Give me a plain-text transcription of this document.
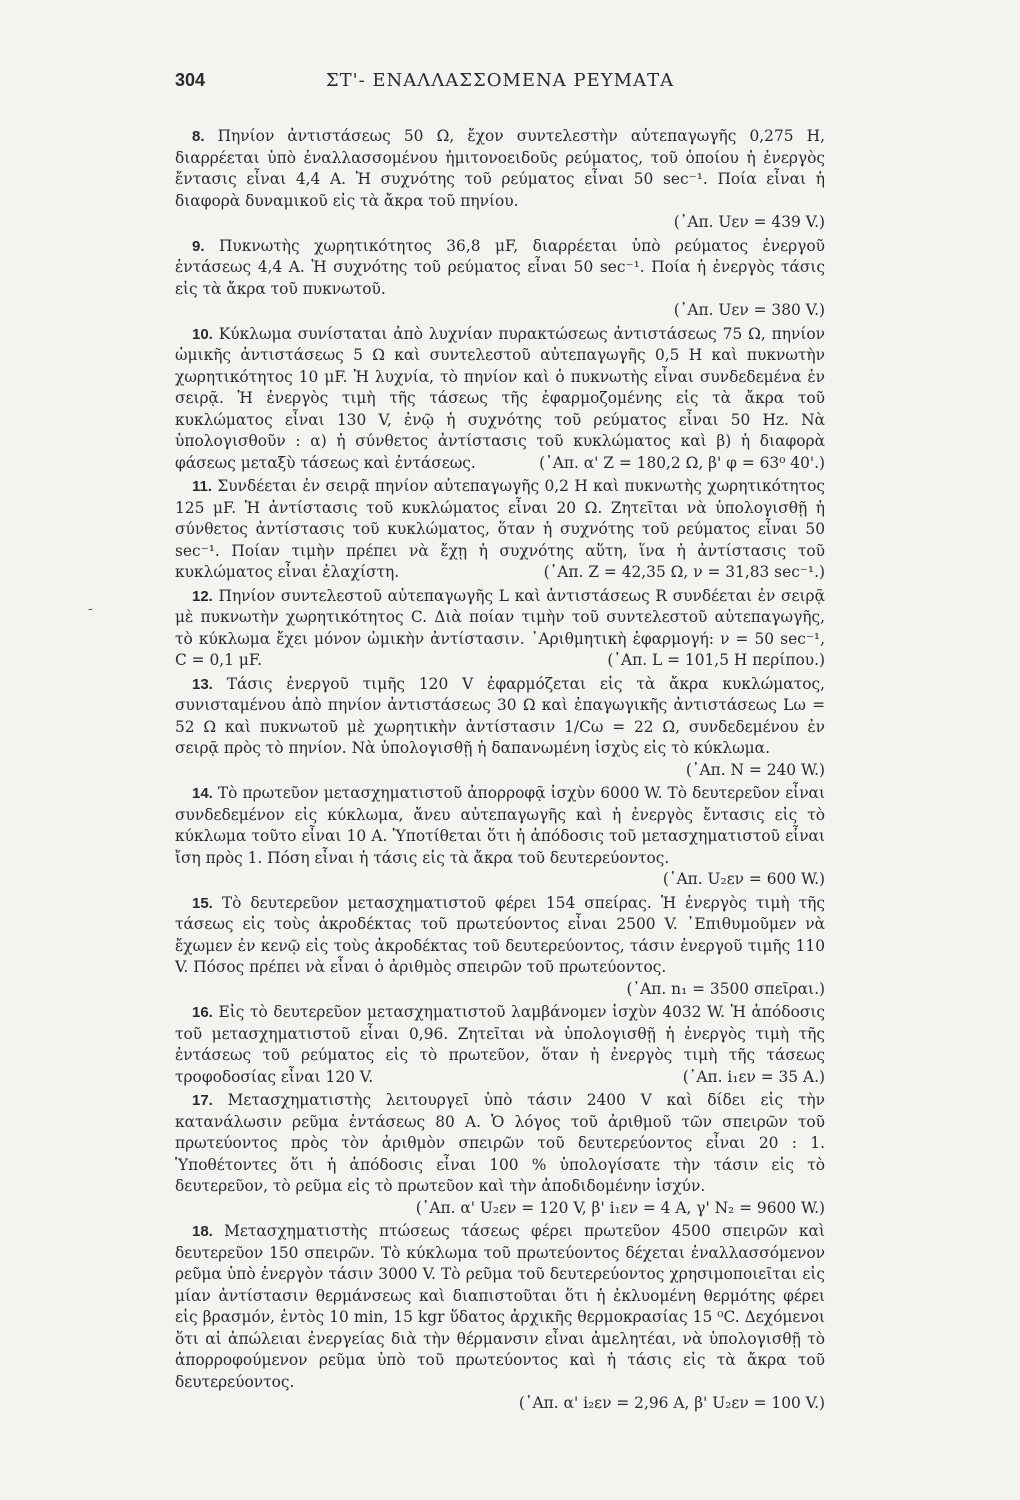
304	ΣΤ'- ΕΝΑΛΛΑΣΣΟΜΕΝΑ ΡΕΥΜΑΤΑ
-
8. Πηνίον ἀντιστάσεως 50 Ω, ἔχον συντελεστὴν αὐτεπαγωγῆς 0,275 Η, διαρρέεται ὑπὸ ἐναλλασσομένου ἡμιτονοειδοῦς ρεύματος, τοῦ ὁποίου ἡ ἐνεργὸς ἔντασις εἶναι 4,4 Α. Ἡ συχνότης τοῦ ρεύματος εἶναι 50 sec⁻¹. Ποία εἶναι ἡ διαφορὰ δυναμικοῦ εἰς τὰ ἄκρα τοῦ πηνίου.
(᾽Απ. Uεν = 439 V.)
9. Πυκνωτὴς χωρητικότητος 36,8 μF, διαρρέεται ὑπὸ ρεύματος ἐνεργοῦ ἐντάσεως 4,4 Α. Ἡ συχνότης τοῦ ρεύματος εἶναι 50 sec⁻¹. Ποία ἡ ἐνεργὸς τάσις εἰς τὰ ἄκρα τοῦ πυκνωτοῦ.
(᾽Απ. Uεν = 380 V.)
10. Κύκλωμα συνίσταται ἀπὸ λυχνίαν πυρακτώσεως ἀντιστάσεως 75 Ω, πηνίον ὠμικῆς ἀντιστάσεως 5 Ω καὶ συντελεστοῦ αὐτεπαγωγῆς 0,5 Η καὶ πυκνωτὴν χωρητικότητος 10 μF. Ἡ λυχνία, τὸ πηνίον καὶ ὁ πυκνωτὴς εἶναι συνδεδεμένα ἐν σειρᾷ. Ἡ ἐνεργὸς τιμὴ τῆς τάσεως τῆς ἐφαρμοζομένης εἰς τὰ ἄκρα τοῦ κυκλώματος εἶναι 130 V, ἐνῷ ἡ συχνότης τοῦ ρεύματος εἶναι 50 Hz. Νὰ ὑπολογισθοῦν : α) ἡ σύνθετος ἀντίστασις τοῦ κυκλώματος καὶ β) ἡ διαφορὰ φάσεως μεταξὺ τάσεως καὶ ἐντάσεως.	(᾽Απ. α' Ζ = 180,2 Ω, β' φ = 63⁰ 40'.)
11. Συνδέεται ἐν σειρᾷ πηνίον αὐτεπαγωγῆς 0,2 Η καὶ πυκνωτὴς χωρητικότητος 125 μF. Ἡ ἀντίστασις τοῦ κυκλώματος εἶναι 20 Ω. Ζητεῖται νὰ ὑπολογισθῇ ἡ σύνθετος ἀντίστασις τοῦ κυκλώματος, ὅταν ἡ συχνότης τοῦ ρεύματος εἶναι 50 sec⁻¹. Ποίαν τιμὴν πρέπει νὰ ἔχῃ ἡ συχνότης αὕτη, ἵνα ἡ ἀντίστασις τοῦ κυκλώματος εἶναι ἐλαχίστη.	(᾽Απ. Ζ = 42,35 Ω, ν = 31,83 sec⁻¹.)
12. Πηνίον συντελεστοῦ αὐτεπαγωγῆς L καὶ ἀντιστάσεως R συνδέεται ἐν σειρᾷ μὲ πυκνωτὴν χωρητικότητος C. Διὰ ποίαν τιμὴν τοῦ συντελεστοῦ αὐτεπαγωγῆς, τὸ κύκλωμα ἔχει μόνον ὠμικὴν ἀντίστασιν. ᾽Αριθμητικὴ ἐφαρμογή: ν = 50 sec⁻¹, C = 0,1 μF.	(᾽Απ. L = 101,5 Η περίπου.)
13. Τάσις ἐνεργοῦ τιμῆς 120 V ἐφαρμόζεται εἰς τὰ ἄκρα κυκλώματος, συνισταμένου ἀπὸ πηνίον ἀντιστάσεως 30 Ω καὶ ἐπαγωγικῆς ἀντιστάσεως Lω = 52 Ω καὶ πυκνωτοῦ μὲ χωρητικὴν ἀντίστασιν 1/Cω = 22 Ω, συνδεδεμένου ἐν σειρᾷ πρὸς τὸ πηνίον. Νὰ ὑπολογισθῇ ἡ δαπανωμένη ἰσχὺς εἰς τὸ κύκλωμα.
(᾽Απ. Ν = 240 W.)
14. Τὸ πρωτεῦον μετασχηματιστοῦ ἀπορροφᾷ ἰσχὺν 6000 W. Τὸ δευτερεῦον εἶναι συνδεδεμένον εἰς κύκλωμα, ἄνευ αὐτεπαγωγῆς καὶ ἡ ἐνεργὸς ἔντασις εἰς τὸ κύκλωμα τοῦτο εἶναι 10 Α. Ὑποτίθεται ὅτι ἡ ἀπόδοσις τοῦ μετασχηματιστοῦ εἶναι ἴση πρὸς 1. Πόση εἶναι ἡ τάσις εἰς τὰ ἄκρα τοῦ δευτερεύοντος.
(᾽Απ. U₂εν = 600 W.)
15. Τὸ δευτερεῦον μετασχηματιστοῦ φέρει 154 σπείρας. Ἡ ἐνεργὸς τιμὴ τῆς τάσεως εἰς τοὺς ἀκροδέκτας τοῦ πρωτεύοντος εἶναι 2500 V. ᾽Επιθυμοῦμεν νὰ ἔχωμεν ἐν κενῷ εἰς τοὺς ἀκροδέκτας τοῦ δευτερεύοντος, τάσιν ἐνεργοῦ τιμῆς 110 V. Πόσος πρέπει νὰ εἶναι ὁ ἀριθμὸς σπειρῶν τοῦ πρωτεύοντος.
(᾽Απ. n₁ = 3500 σπεῖραι.)
16. Εἰς τὸ δευτερεῦον μετασχηματιστοῦ λαμβάνομεν ἰσχὺν 4032 W. Ἡ ἀπόδοσις τοῦ μετασχηματιστοῦ εἶναι 0,96. Ζητεῖται νὰ ὑπολογισθῇ ἡ ἐνεργὸς τιμὴ τῆς ἐντάσεως τοῦ ρεύματος εἰς τὸ πρωτεῦον, ὅταν ἡ ἐνεργὸς τιμὴ τῆς τάσεως τροφοδοσίας εἶναι 120 V.	(᾽Απ. i₁εν = 35 Α.)
17. Μετασχηματιστὴς λειτουργεῖ ὑπὸ τάσιν 2400 V καὶ δίδει εἰς τὴν κατανάλωσιν ρεῦμα ἐντάσεως 80 Α. Ὁ λόγος τοῦ ἀριθμοῦ τῶν σπειρῶν τοῦ πρωτεύοντος πρὸς τὸν ἀριθμὸν σπειρῶν τοῦ δευτερεύοντος εἶναι 20 : 1. Ὑποθέτοντες ὅτι ἡ ἀπόδοσις εἶναι 100 % ὑπολογίσατε τὴν τάσιν εἰς τὸ δευτερεῦον, τὸ ρεῦμα εἰς τὸ πρωτεῦον καὶ τὴν ἀποδιδομένην ἰσχύν.
(᾽Απ. α' U₂εν = 120 V, β' i₁εν = 4 Α, γ' Ν₂ = 9600 W.)
18. Μετασχηματιστὴς πτώσεως τάσεως φέρει πρωτεῦον 4500 σπειρῶν καὶ δευτερεῦον 150 σπειρῶν. Τὸ κύκλωμα τοῦ πρωτεύοντος δέχεται ἐναλλασσόμενον ρεῦμα ὑπὸ ἐνεργὸν τάσιν 3000 V. Τὸ ρεῦμα τοῦ δευτερεύοντος χρησιμοποιεῖται εἰς μίαν ἀντίστασιν θερμάνσεως καὶ διαπιστοῦται ὅτι ἡ ἐκλυομένη θερμότης φέρει εἰς βρασμόν, ἐντὸς 10 min, 15 kgr ὕδατος ἀρχικῆς θερμοκρασίας 15 ⁰C. Δεχόμενοι ὅτι αἱ ἀπώλειαι ἐνεργείας διὰ τὴν θέρμανσιν εἶναι ἀμελητέαι, νὰ ὑπολογισθῇ τὸ ἀπορροφούμενον ρεῦμα ὑπὸ τοῦ πρωτεύοντος καὶ ἡ τάσις εἰς τὰ ἄκρα τοῦ δευτερεύοντος.
(᾽Απ. α' i₂εν = 2,96 Α, β' U₂εν = 100 V.)
